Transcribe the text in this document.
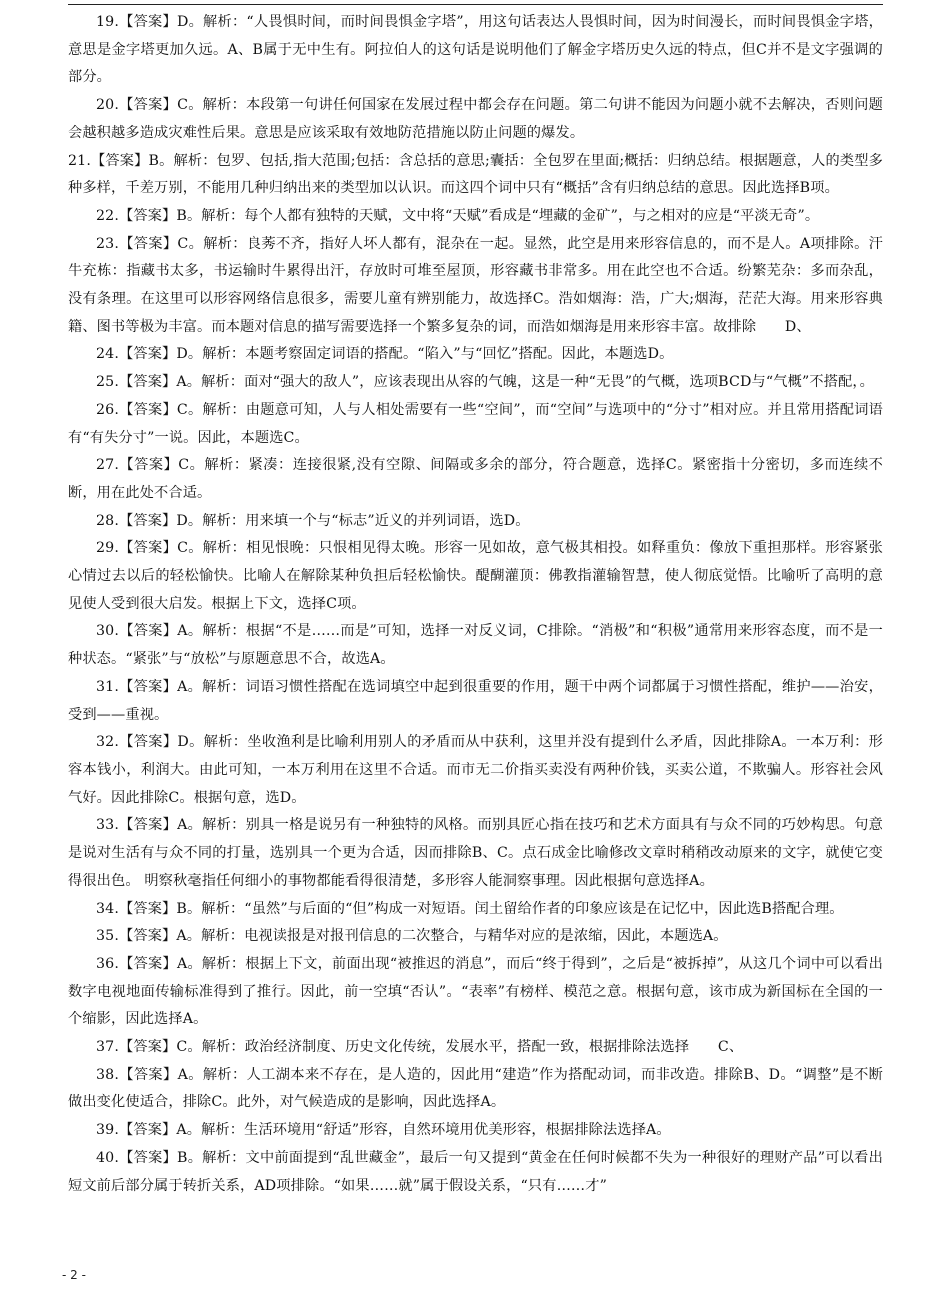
19.【答案】D。解析：“人畏惧时间，而时间畏惧金字塔”，用这句话表达人畏惧时间，因为时间漫长，而时间畏惧金字塔，意思是金字塔更加久远。A、B属于无中生有。阿拉伯人的这句话是说明他们了解金字塔历史久远的特点，但C并不是文字强调的部分。

20.【答案】C。解析：本段第一句讲任何国家在发展过程中都会存在问题。第二句讲不能因为问题小就不去解决，否则问题会越积越多造成灾难性后果。意思是应该采取有效地防范措施以防止问题的爆发。

21.【答案】B。解析：包罗、包括,指大范围;包括：含总括的意思;囊括：全包罗在里面;概括：归纳总结。根据题意，人的类型多种多样，千差万别，不能用几种归纳出来的类型加以认识。而这四个词中只有“概括”含有归纳总结的意思。因此选择B项。

22.【答案】B。解析：每个人都有独特的天赋，文中将“天赋”看成是“埋藏的金矿”，与之相对的应是“平淡无奇”。

23.【答案】C。解析：良莠不齐，指好人坏人都有，混杂在一起。显然，此空是用来形容信息的，而不是人。A项排除。汗牛充栋：指藏书太多，书运输时牛累得出汗，存放时可堆至屋顶，形容藏书非常多。用在此空也不合适。纷繁芜杂：多而杂乱，没有条理。在这里可以形容网络信息很多，需要儿童有辨别能力，故选择C。浩如烟海：浩，广大;烟海，茫茫大海。用来形容典籍、图书等极为丰富。而本题对信息的描写需要选择一个繁多复杂的词，而浩如烟海是用来形容丰富。故排除　　D、

24.【答案】D。解析：本题考察固定词语的搭配。“陷入”与“回忆”搭配。因此，本题选D。

25.【答案】A。解析：面对“强大的敌人”，应该表现出从容的气魄，这是一种“无畏”的气概，选项BCD与“气概”不搭配，。

26.【答案】C。解析：由题意可知，人与人相处需要有一些“空间”，而“空间”与选项中的“分寸”相对应。并且常用搭配词语有“有失分寸”一说。因此，本题选C。

27.【答案】C。解析：紧凑：连接很紧,没有空隙、间隔或多余的部分，符合题意，选择C。紧密指十分密切，多而连续不断，用在此处不合适。

28.【答案】D。解析：用来填一个与“标志”近义的并列词语，选D。

29.【答案】C。解析：相见恨晚：只恨相见得太晚。形容一见如故，意气极其相投。如释重负：像放下重担那样。形容紧张心情过去以后的轻松愉快。比喻人在解除某种负担后轻松愉快。醍醐灌顶：佛教指灌输智慧，使人彻底觉悟。比喻听了高明的意见使人受到很大启发。根据上下文，选择C项。

30.【答案】A。解析：根据“不是……而是”可知，选择一对反义词，C排除。“消极”和“积极”通常用来形容态度，而不是一种状态。“紧张”与“放松”与原题意思不合，故选A。

31.【答案】A。解析：词语习惯性搭配在选词填空中起到很重要的作用，题干中两个词都属于习惯性搭配，维护——治安，受到——重视。

32.【答案】D。解析：坐收渔利是比喻利用别人的矛盾而从中获利，这里并没有提到什么矛盾，因此排除A。一本万利：形容本钱小，利润大。由此可知，一本万利用在这里不合适。而市无二价指买卖没有两种价钱，买卖公道，不欺骗人。形容社会风气好。因此排除C。根据句意，选D。

33.【答案】A。解析：别具一格是说另有一种独特的风格。而别具匠心指在技巧和艺术方面具有与众不同的巧妙构思。句意是说对生活有与众不同的打量，选别具一个更为合适，因而排除B、C。点石成金比喻修改文章时稍稍改动原来的文字，就使它变得很出色。 明察秋毫指任何细小的事物都能看得很清楚，多形容人能洞察事理。因此根据句意选择A。

34.【答案】B。解析：“虽然”与后面的“但”构成一对短语。闰土留给作者的印象应该是在记忆中，因此选B搭配合理。

35.【答案】A。解析：电视读报是对报刊信息的二次整合，与精华对应的是浓缩，因此，本题选A。

36.【答案】A。解析：根据上下文，前面出现“被推迟的消息”，而后“终于得到”，之后是“被拆掉”，从这几个词中可以看出数字电视地面传输标准得到了推行。因此，前一空填“否认”。“表率”有榜样、模范之意。根据句意，该市成为新国标在全国的一个缩影，因此选择A。

37.【答案】C。解析：政治经济制度、历史文化传统，发展水平，搭配一致，根据排除法选择　　C、

38.【答案】A。解析：人工湖本来不存在，是人造的，因此用“建造”作为搭配动词，而非改造。排除B、D。“调整”是不断做出变化使适合，排除C。此外，对气候造成的是影响，因此选择A。

39.【答案】A。解析：生活环境用“舒适”形容，自然环境用优美形容，根据排除法选择A。

40.【答案】B。解析：文中前面提到“乱世藏金”，最后一句又提到“黄金在任何时候都不失为一种很好的理财产品”可以看出短文前后部分属于转折关系，AD项排除。“如果……就”属于假设关系，“只有……才”

- 2 -
